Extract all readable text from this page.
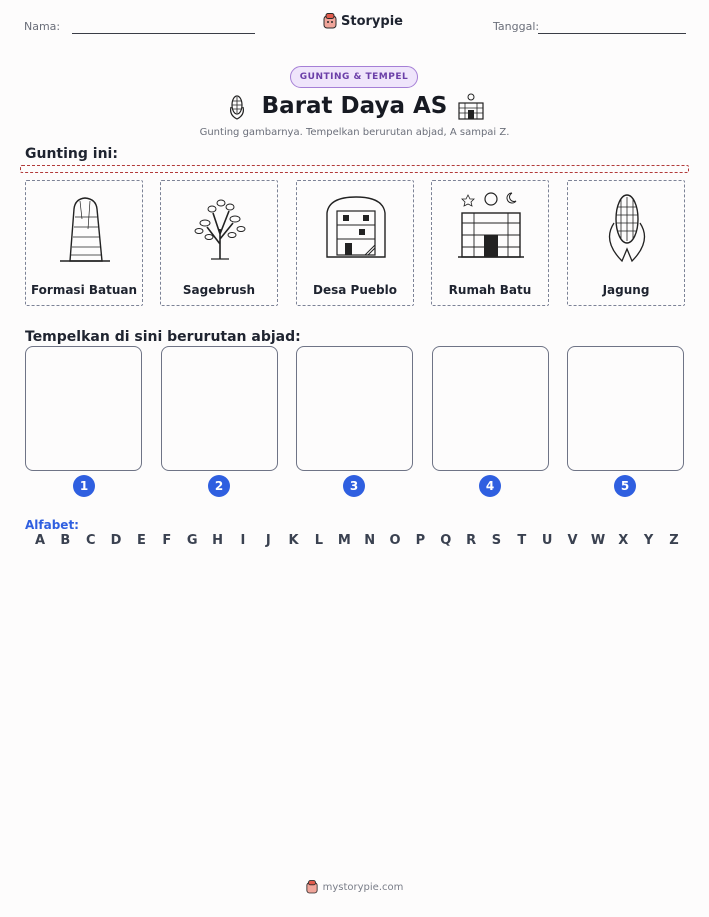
Nama:	Storypie	Tanggal:
GUNTING & TEMPEL
Barat Daya AS
Gunting gambarnya. Tempelkan berurutan abjad, A sampai Z.
Gunting ini:
Formasi Batuan	Sagebrush	Desa Pueblo	Rumah Batu	Jagung
Tempelkan di sini berurutan abjad:
1	2	3	4	5
Alfabet:
A B C D E F G H	I	J	K L M N O P Q R S T U V W X Y Z
mystorypie.com
